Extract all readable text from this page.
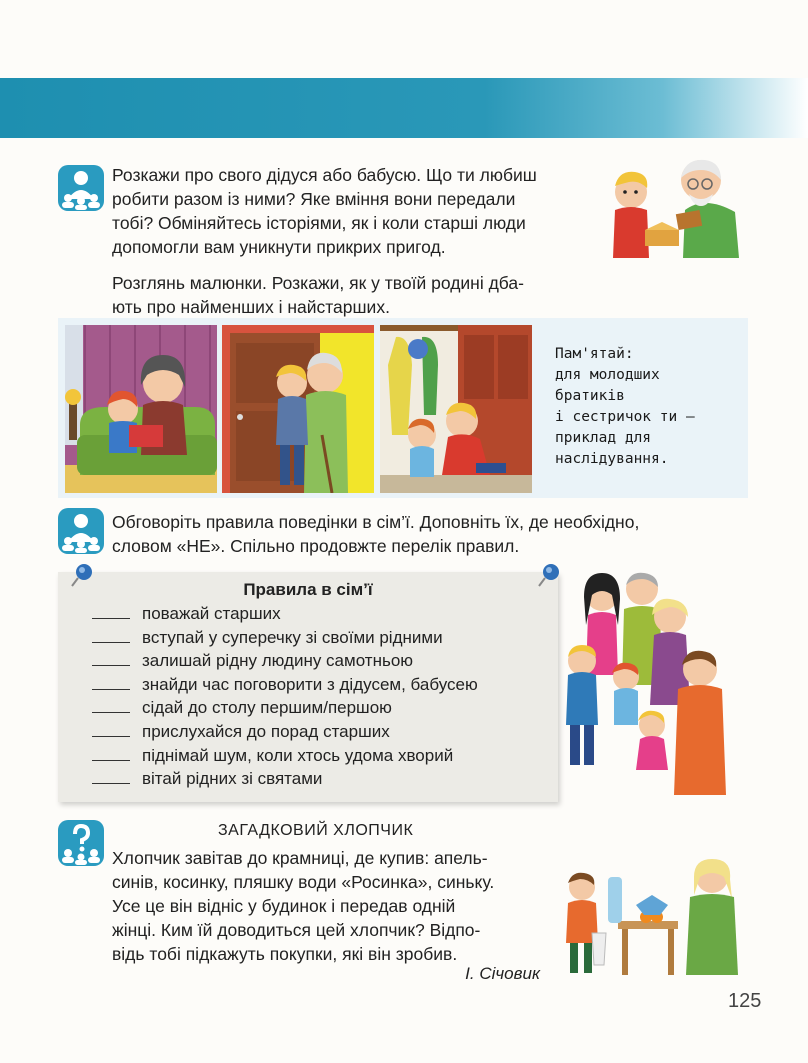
Розкажи про свого дідуся або бабусю. Що ти любиш
робити разом із ними? Яке вміння вони передали
тобі? Обміняйтесь історіями, як і коли старші люди
допомогли вам уникнути прикрих пригод.
Розглянь малюнки. Розкажи, як у твоїй родині дба-
ють про найменших і найстарших.
Пам'ятай:
для молодших
братиків
і сестричок ти —
приклад для
наслідування.
Обговоріть правила поведінки в сім’ї. Доповніть їх, де необхідно,
словом «НЕ». Спільно продовжте перелік правил.
Правила в сім’ї
поважай старших
вступай у суперечку зі своїми рідними
залишай рідну людину самотньою
знайди час поговорити з дідусем, бабусею
сідай до столу першим/першою
прислухайся до порад старших
піднімай шум, коли хтось удома хворий
вітай рідних зі святами
ЗАГАДКОВИЙ ХЛОПЧИК
Хлопчик завітав до крамниці, де купив: апель-
синів, косинку, пляшку води «Росинка», синьку.
Усе це він відніс у будинок і передав одній
жінці. Ким їй доводиться цей хлопчик? Відпо-
відь тобі підкажуть покупки, які він зробив.
І. Січовик
125
